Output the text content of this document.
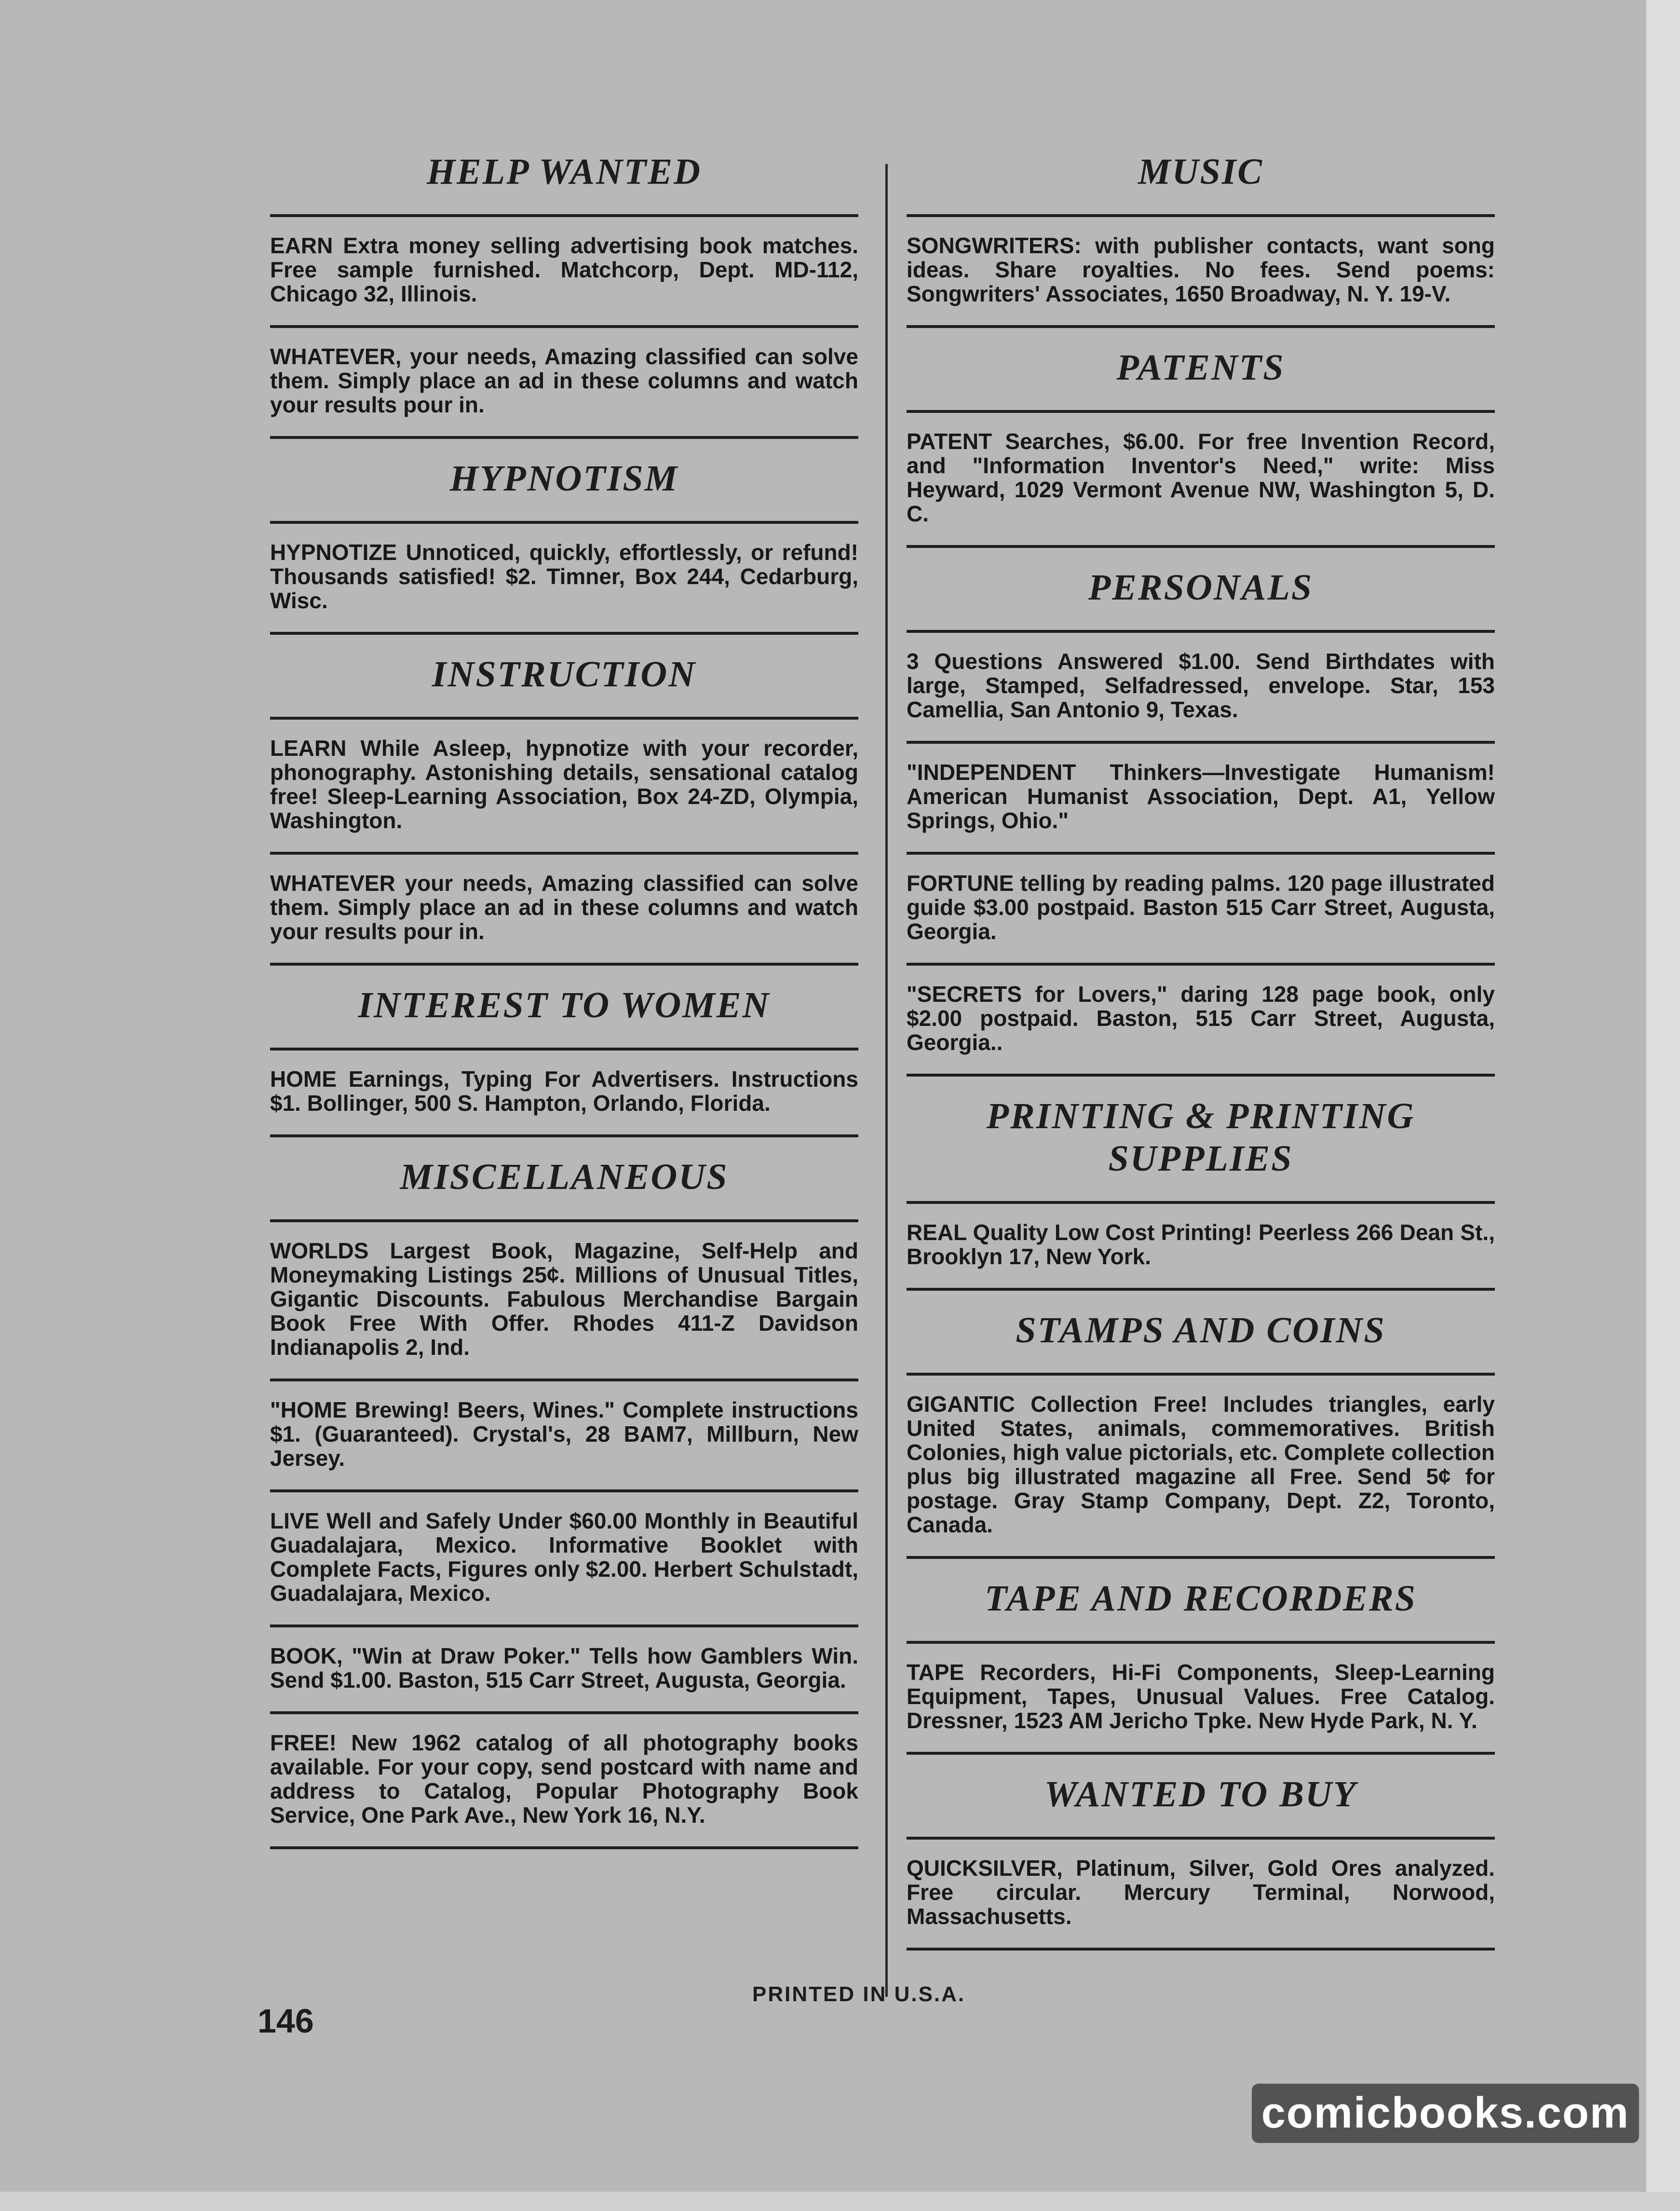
HELP WANTED

EARN Extra money selling advertising book matches. Free sample furnished. Matchcorp, Dept. MD-112, Chicago 32, Illinois.

WHATEVER, your needs, Amazing classified can solve them. Simply place an ad in these columns and watch your results pour in.

HYPNOTISM

HYPNOTIZE Unnoticed, quickly, effortlessly, or refund! Thousands satisfied! $2. Timner, Box 244, Cedarburg, Wisc.

INSTRUCTION

LEARN While Asleep, hypnotize with your recorder, phonography. Astonishing details, sensational catalog free! Sleep-Learning Association, Box 24-ZD, Olympia, Washington.

WHATEVER your needs, Amazing classified can solve them. Simply place an ad in these columns and watch your results pour in.

INTEREST TO WOMEN

HOME Earnings, Typing For Advertisers. Instructions $1. Bollinger, 500 S. Hampton, Orlando, Florida.

MISCELLANEOUS

WORLDS Largest Book, Magazine, Self-Help and Moneymaking Listings 25¢. Millions of Unusual Titles, Gigantic Discounts. Fabulous Merchandise Bargain Book Free With Offer. Rhodes 411-Z Davidson Indianapolis 2, Ind.

"HOME Brewing! Beers, Wines." Complete instructions $1. (Guaranteed). Crystal's, 28 BAM7, Millburn, New Jersey.

LIVE Well and Safely Under $60.00 Monthly in Beautiful Guadalajara, Mexico. Informative Booklet with Complete Facts, Figures only $2.00. Herbert Schulstadt, Guadalajara, Mexico.

BOOK, "Win at Draw Poker." Tells how Gamblers Win. Send $1.00. Baston, 515 Carr Street, Augusta, Georgia.

FREE! New 1962 catalog of all photography books available. For your copy, send postcard with name and address to Catalog, Popular Photography Book Service, One Park Ave., New York 16, N.Y.

MUSIC

SONGWRITERS: with publisher contacts, want song ideas. Share royalties. No fees. Send poems: Songwriters' Associates, 1650 Broadway, N. Y. 19-V.

PATENTS

PATENT Searches, $6.00. For free Invention Record, and "Information Inventor's Need," write: Miss Heyward, 1029 Vermont Avenue NW, Washington 5, D. C.

PERSONALS

3 Questions Answered $1.00. Send Birthdates with large, Stamped, Selfadressed, envelope. Star, 153 Camellia, San Antonio 9, Texas.

"INDEPENDENT Thinkers—Investigate Humanism! American Humanist Association, Dept. A1, Yellow Springs, Ohio."

FORTUNE telling by reading palms. 120 page illustrated guide $3.00 postpaid. Baston 515 Carr Street, Augusta, Georgia.

"SECRETS for Lovers," daring 128 page book, only $2.00 postpaid. Baston, 515 Carr Street, Augusta, Georgia..

PRINTING & PRINTING SUPPLIES

REAL Quality Low Cost Printing! Peerless 266 Dean St., Brooklyn 17, New York.

STAMPS AND COINS

GIGANTIC Collection Free! Includes triangles, early United States, animals, commemoratives. British Colonies, high value pictorials, etc. Complete collection plus big illustrated magazine all Free. Send 5¢ for postage. Gray Stamp Company, Dept. Z2, Toronto, Canada.

TAPE AND RECORDERS

TAPE Recorders, Hi-Fi Components, Sleep-Learning Equipment, Tapes, Unusual Values. Free Catalog. Dressner, 1523 AM Jericho Tpke. New Hyde Park, N. Y.

WANTED TO BUY

QUICKSILVER, Platinum, Silver, Gold Ores analyzed. Free circular. Mercury Terminal, Norwood, Massachusetts.

PRINTED IN U.S.A.
146
comicbooks.com
